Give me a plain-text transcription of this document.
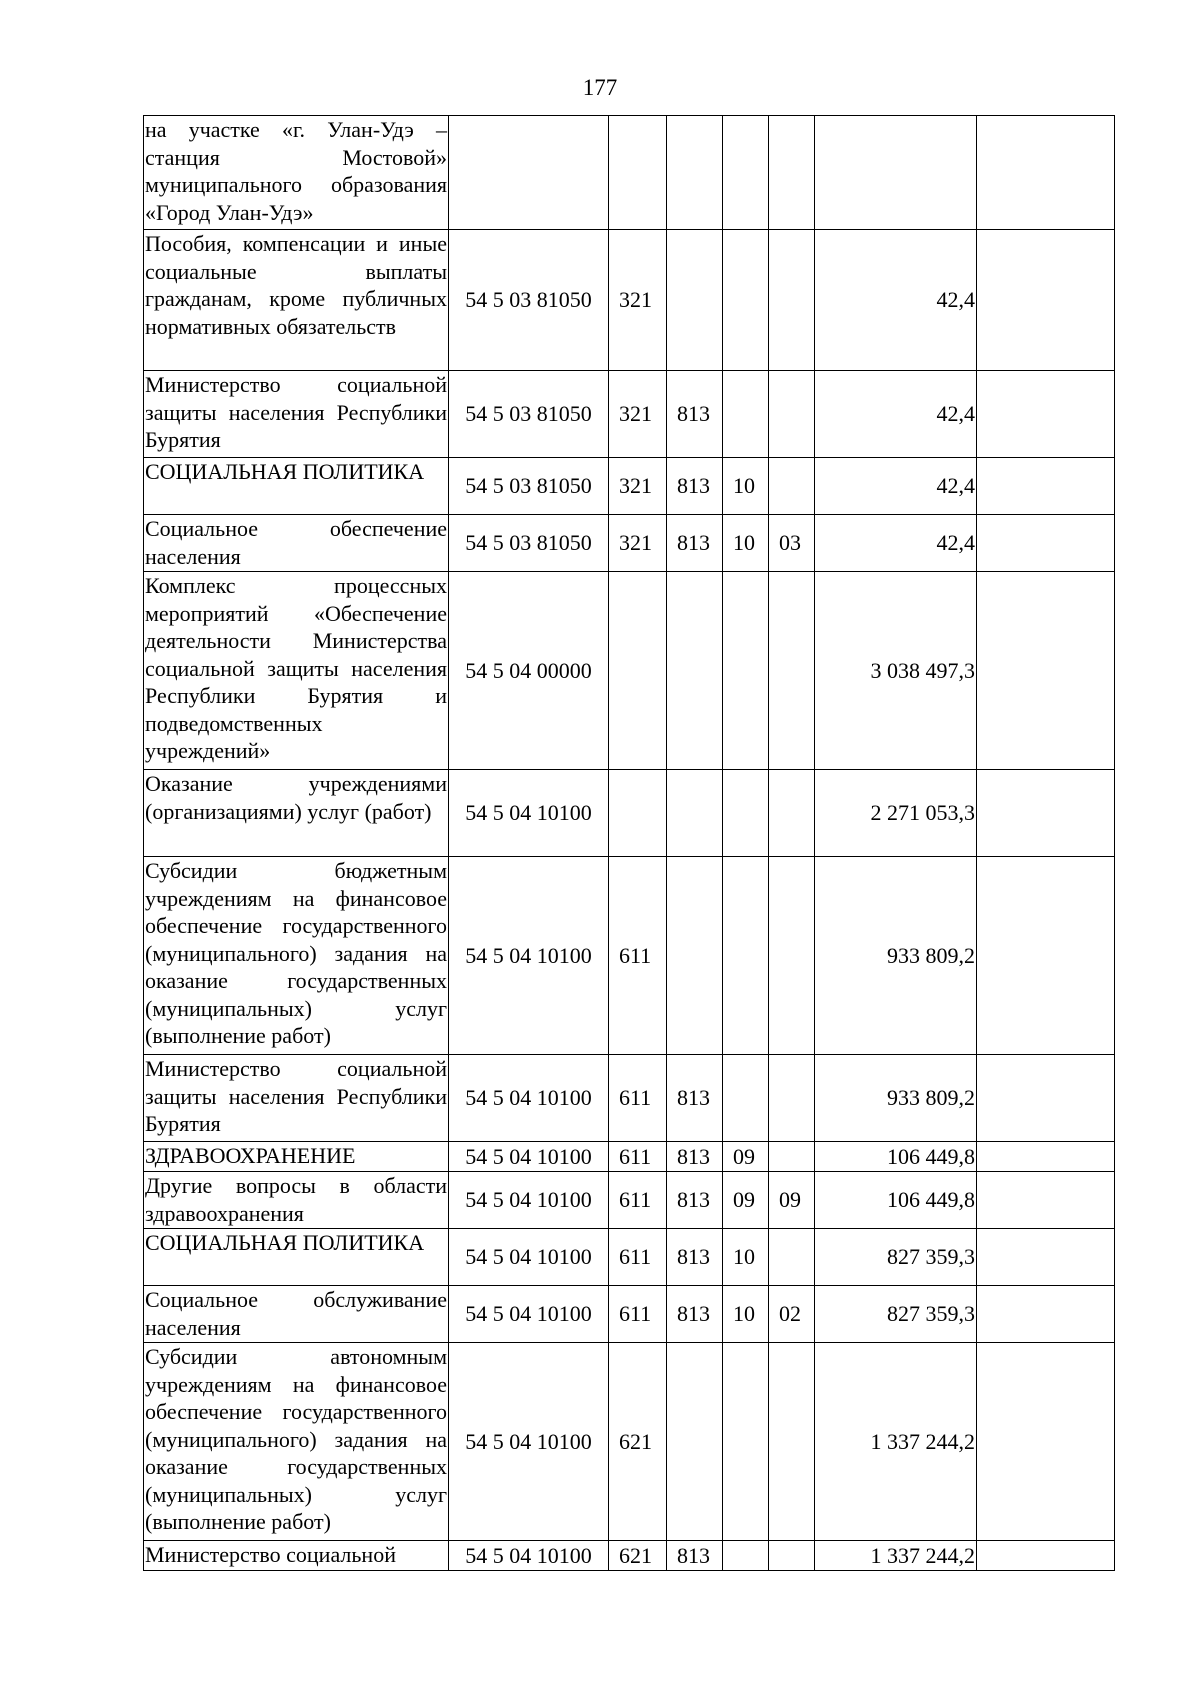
177
на участке «г. Улан-Удэ – станция Мостовой» муниципального образования «Город Улан-Удэ»							
Пособия, компенсации и иные социальные выплаты гражданам, кроме публичных нормативных обязательств	54 5 03 81050	321				42,4	
Министерство социальной защиты населения Республики Бурятия	54 5 03 81050	321	813			42,4	
СОЦИАЛЬНАЯ ПОЛИТИКА	54 5 03 81050	321	813	10		42,4	
Социальное обеспечение населения	54 5 03 81050	321	813	10	03	42,4	
Комплекс процессных мероприятий «Обеспечение деятельности Министерства социальной защиты населения Республики Бурятия и подведомственных учреждений»	54 5 04 00000					3 038 497,3	
Оказание учреждениями (организациями) услуг (работ)	54 5 04 10100					2 271 053,3	
Субсидии бюджетным учреждениям на финансовое обеспечение государственного (муниципального) задания на оказание государственных (муниципальных) услуг (выполнение работ)	54 5 04 10100	611				933 809,2	
Министерство социальной защиты населения Республики Бурятия	54 5 04 10100	611	813			933 809,2	
ЗДРАВООХРАНЕНИЕ	54 5 04 10100	611	813	09		106 449,8	
Другие вопросы в области здравоохранения	54 5 04 10100	611	813	09	09	106 449,8	
СОЦИАЛЬНАЯ ПОЛИТИКА	54 5 04 10100	611	813	10		827 359,3	
Социальное обслуживание населения	54 5 04 10100	611	813	10	02	827 359,3	
Субсидии автономным учреждениям на финансовое обеспечение государственного (муниципального) задания на оказание государственных (муниципальных) услуг (выполнение работ)	54 5 04 10100	621				1 337 244,2	
Министерство социальной	54 5 04 10100	621	813			1 337 244,2	
